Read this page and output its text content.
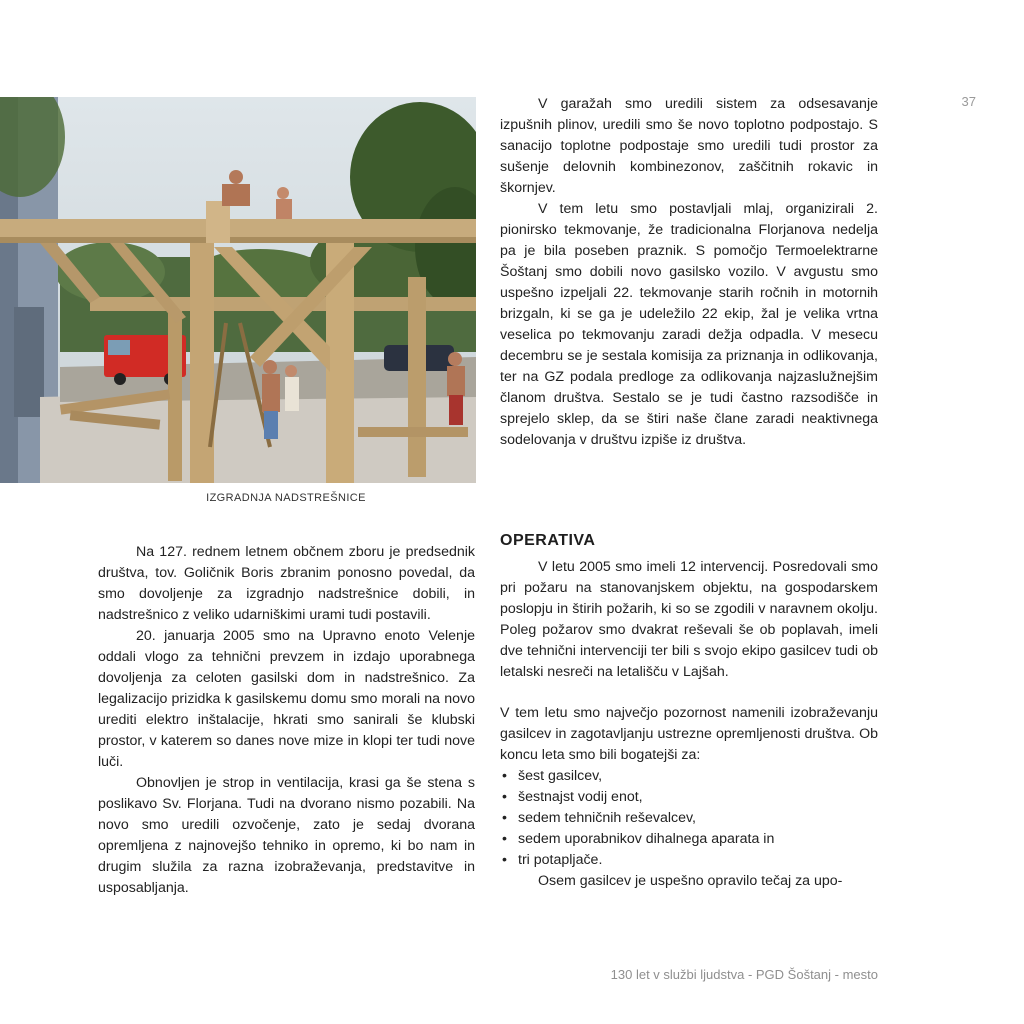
37
IZGRADNJA NADSTREŠNICE

Na 127. rednem letnem občnem zboru je predsednik društva, tov. Goličnik Boris zbranim ponosno povedal, da smo dovoljenje za izgradnjo nadstrešnice dobili, in nadstrešnico z veliko udarniškimi urami tudi postavili.

20. januarja 2005 smo na Upravno enoto Velenje oddali vlogo za tehnični prevzem in izdajo uporabnega dovoljenja za celoten gasilski dom in nadstrešnico. Za legalizacijo prizidka k gasilskemu domu smo morali na novo urediti elektro inštalacije, hkrati smo sanirali še klubski prostor, v katerem so danes nove mize in klopi ter tudi nove luči.

Obnovljen je strop in ventilacija, krasi ga še stena s poslikavo Sv. Florjana. Tudi na dvorano nismo pozabili. Na novo smo uredili ozvočenje, zato je sedaj dvorana opremljena z najnovejšo tehniko in opremo, ki bo nam in drugim služila za razna izobraževanja, predstavitve in usposabljanja.

V garažah smo uredili sistem za odsesavanje izpušnih plinov, uredili smo še novo toplotno podpostajo. S sanacijo toplotne podpostaje smo uredili tudi prostor za sušenje delovnih kombinezonov, zaščitnih rokavic in škornjev.

V tem letu smo postavljali mlaj, organizirali 2. pionirsko tekmovanje, že tradicionalna Florjanova nedelja pa je bila poseben praznik. S pomočjo Termoelektrarne Šoštanj smo dobili novo gasilsko vozilo. V avgustu smo uspešno izpeljali 22. tekmovanje starih ročnih in motornih brizgaln, ki se ga je udeležilo 22 ekip, žal je velika vrtna veselica po tekmovanju zaradi dežja odpadla. V mesecu decembru se je sestala komisija za priznanja in odlikovanja, ter na GZ podala predloge za odlikovanja najzaslužnejšim članom društva. Sestalo se je tudi častno razsodišče in sprejelo sklep, da se štiri naše člane zaradi neaktivnega sodelovanja v društvu izpiše iz društva.

OPERATIVA

V letu 2005 smo imeli 12 intervencij. Posredovali smo pri požaru na stanovanjskem objektu, na gospodarskem poslopju in štirih požarih, ki so se zgodili v naravnem okolju. Poleg požarov smo dvakrat reševali še ob poplavah, imeli dve tehnični intervenciji ter bili s svojo ekipo gasilcev tudi ob letalski nesreči na letališču v Lajšah.

V tem letu smo največjo pozornost namenili izobraževanju gasilcev in zagotavljanju ustrezne opremljenosti društva. Ob koncu leta smo bili bogatejši za:

• šest gasilcev,
• šestnajst vodij enot,
• sedem tehničnih reševalcev,
• sedem uporabnikov dihalnega aparata in
• tri potapljače.

Osem gasilcev je uspešno opravilo tečaj za upo-

130 let v službi ljudstva - PGD Šoštanj - mesto
